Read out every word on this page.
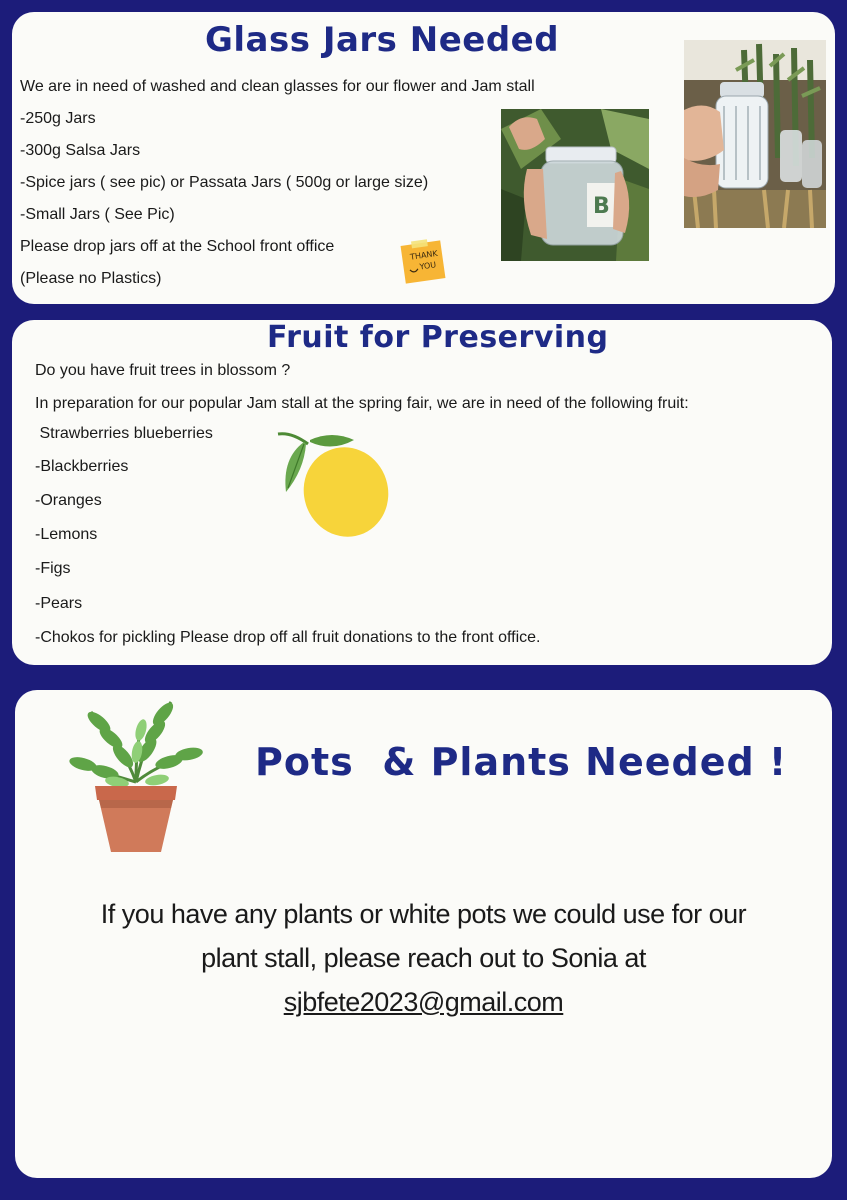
Glass Jars Needed

We are in need of washed and clean glasses for our flower and Jam stall

-250g Jars

-300g Salsa Jars

-Spice jars ( see pic) or Passata Jars ( 500g or large size)

-Small Jars ( See Pic)

Please drop jars off at the School front office

(Please no Plastics)

B
THANK
YOU
Fruit for Preserving

Do you have fruit trees in blossom ?

In preparation for our popular Jam stall at the spring fair, we are in need of the following fruit:

Strawberries blueberries

-Blackberries

-Oranges

-Lemons

-Figs

-Pears

-Chokos for pickling Please drop off all fruit donations to the front office.

Pots  & Plants Needed !

If you have any plants or white pots we could use for our

plant stall, please reach out to Sonia at

sjbfete2023@gmail.com
